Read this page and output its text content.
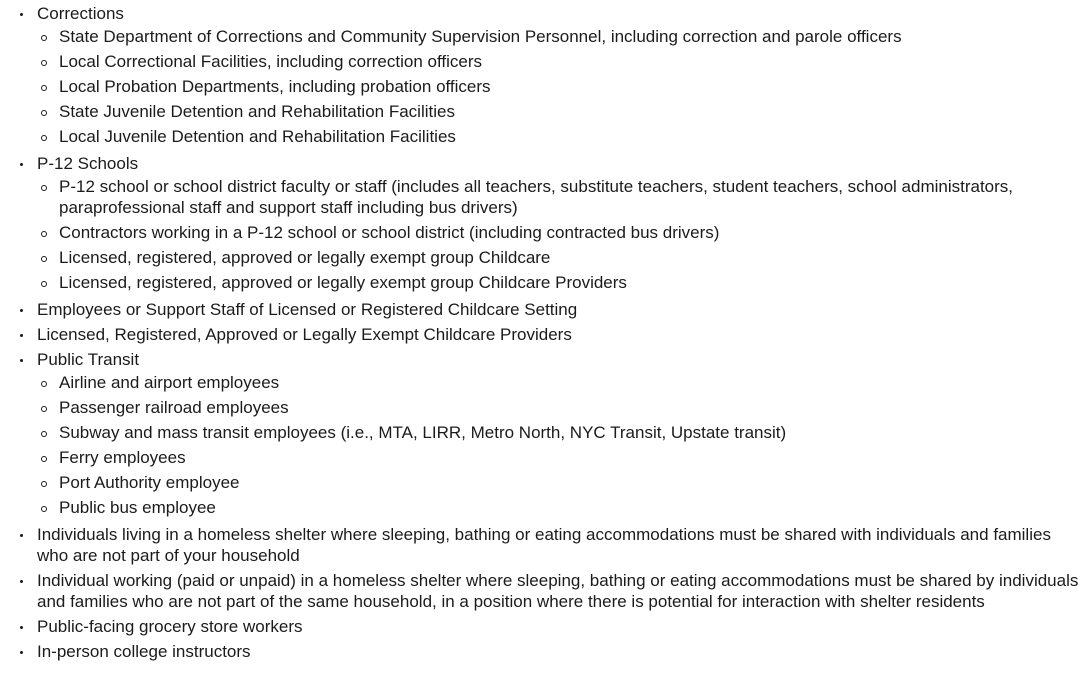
Corrections
State Department of Corrections and Community Supervision Personnel, including correction and parole officers
Local Correctional Facilities, including correction officers
Local Probation Departments, including probation officers
State Juvenile Detention and Rehabilitation Facilities
Local Juvenile Detention and Rehabilitation Facilities
P-12 Schools
P-12 school or school district faculty or staff (includes all teachers, substitute teachers, student teachers, school administrators, paraprofessional staff and support staff including bus drivers)
Contractors working in a P-12 school or school district (including contracted bus drivers)
Licensed, registered, approved or legally exempt group Childcare
Licensed, registered, approved or legally exempt group Childcare Providers
Employees or Support Staff of Licensed or Registered Childcare Setting
Licensed, Registered, Approved or Legally Exempt Childcare Providers
Public Transit
Airline and airport employees
Passenger railroad employees
Subway and mass transit employees (i.e., MTA, LIRR, Metro North, NYC Transit, Upstate transit)
Ferry employees
Port Authority employee
Public bus employee
Individuals living in a homeless shelter where sleeping, bathing or eating accommodations must be shared with individuals and families who are not part of your household
Individual working (paid or unpaid) in a homeless shelter where sleeping, bathing or eating accommodations must be shared by individuals and families who are not part of the same household, in a position where there is potential for interaction with shelter residents
Public-facing grocery store workers
In-person college instructors
